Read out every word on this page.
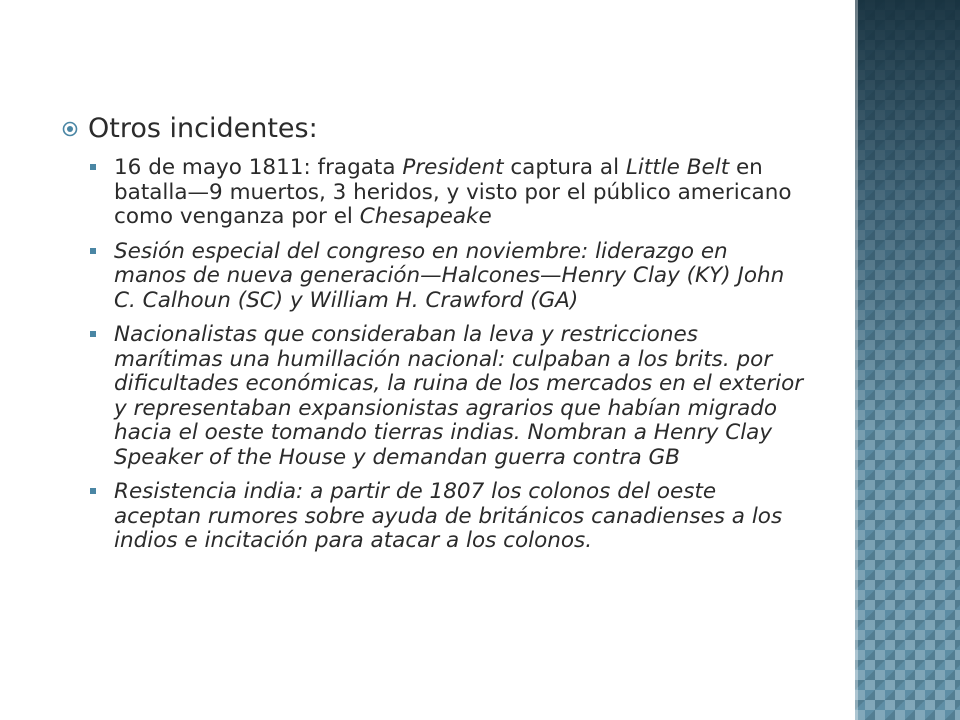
Otros incidentes:
16 de mayo 1811: fragata President captura al Little Belt en batalla—9 muertos, 3 heridos, y visto por el público americano como venganza por el Chesapeake
Sesión especial del congreso en noviembre: liderazgo en manos de nueva generación—Halcones—Henry Clay (KY) John C. Calhoun (SC) y William H. Crawford (GA)
Nacionalistas que consideraban la leva y restricciones marítimas una humillación nacional: culpaban a los brits. por dificultades económicas, la ruina de los mercados en el exterior y representaban expansionistas agrarios que habían migrado hacia el oeste tomando tierras indias. Nombran a Henry Clay Speaker of the House y demandan guerra contra GB
Resistencia india: a partir de 1807 los colonos del oeste aceptan rumores sobre ayuda de británicos canadienses a los indios e incitación para atacar a los colonos.
